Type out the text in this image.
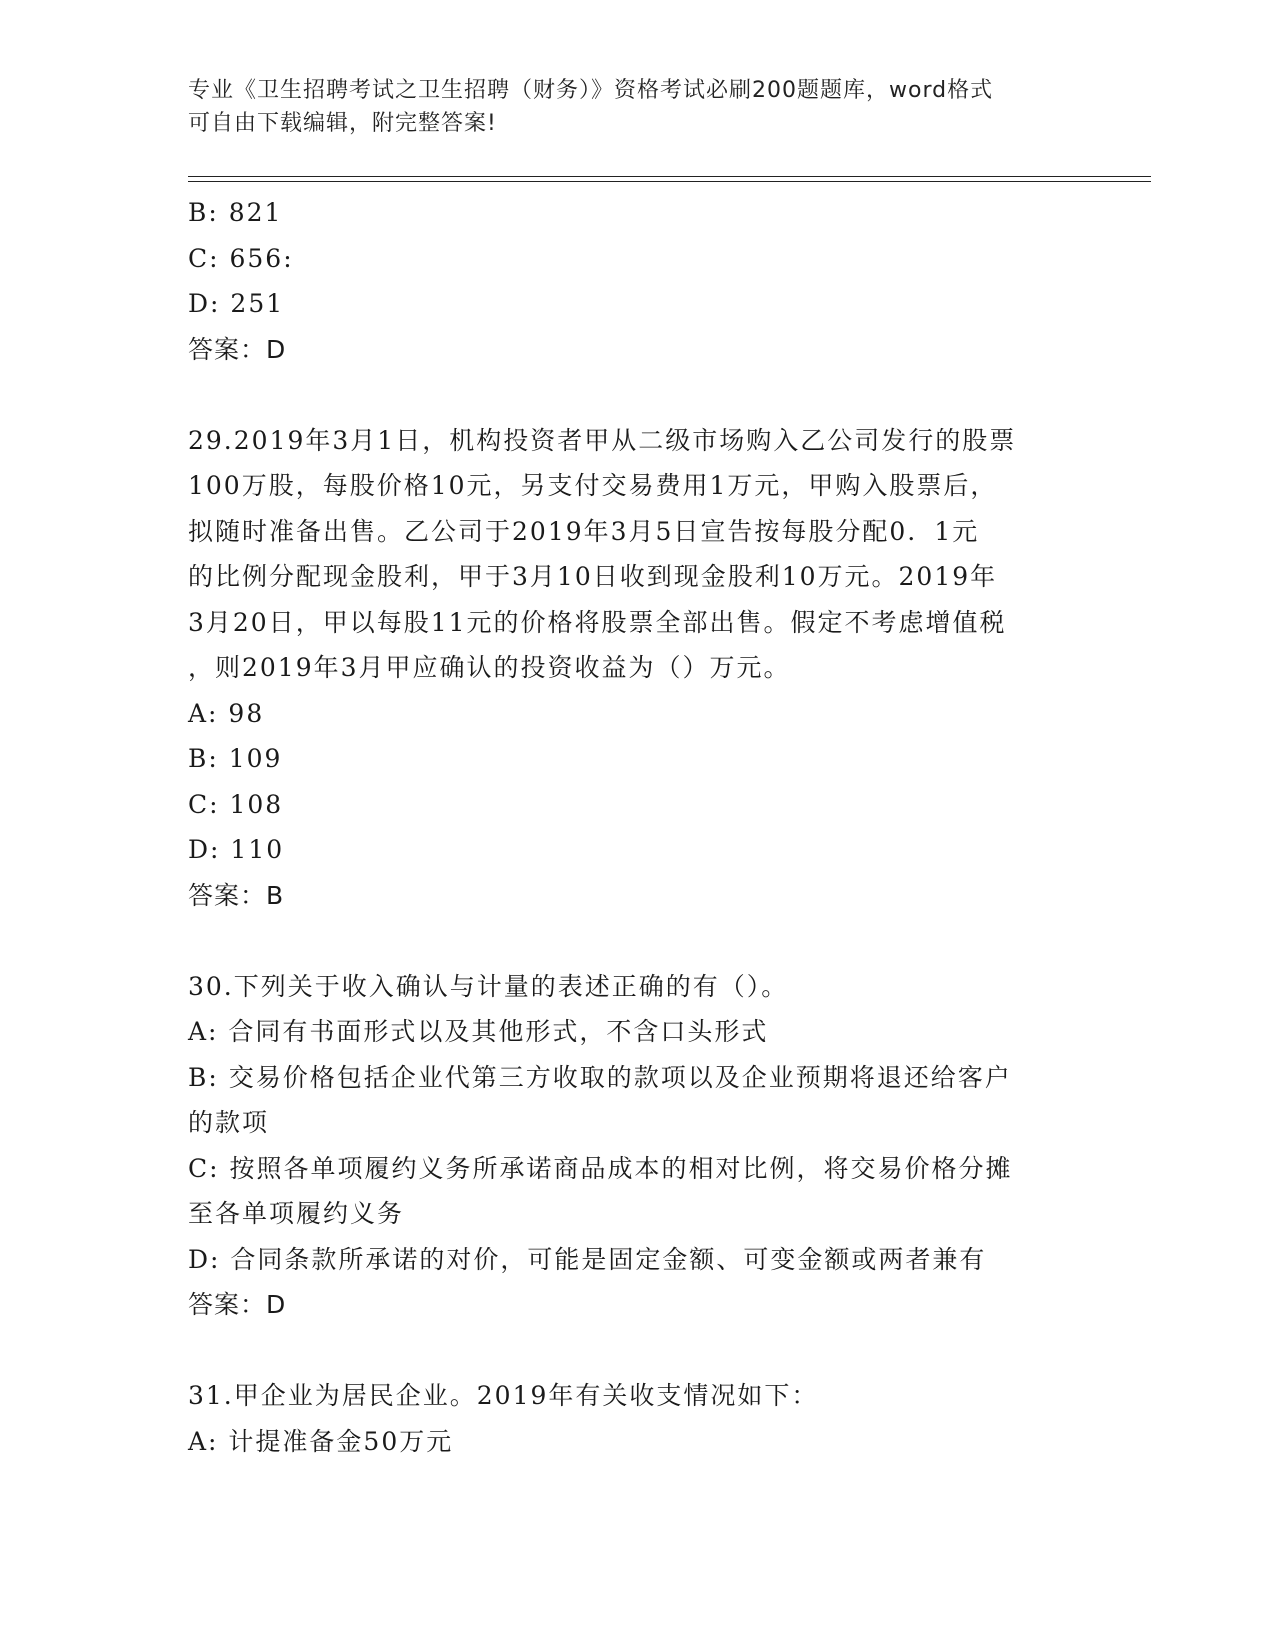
专业《卫生招聘考试之卫生招聘（财务）》资格考试必刷200题题库，word格式
可自由下载编辑，附完整答案!
B: 821
C: 656:
D: 251
答案：D
29.2019年3月1日，机构投资者甲从二级市场购入乙公司发行的股票
100万股，每股价格10元，另支付交易费用1万元，甲购入股票后，
拟随时准备出售。乙公司于2019年3月5日宣告按每股分配0．1元
的比例分配现金股利，甲于3月10日收到现金股利10万元。2019年
3月20日，甲以每股11元的价格将股票全部出售。假定不考虑增值税
，则2019年3月甲应确认的投资收益为（）万元。
A: 98
B: 109
C: 108
D: 110
答案：B
30.下列关于收入确认与计量的表述正确的有（）。
A: 合同有书面形式以及其他形式，不含口头形式
B: 交易价格包括企业代第三方收取的款项以及企业预期将退还给客户
的款项
C: 按照各单项履约义务所承诺商品成本的相对比例，将交易价格分摊
至各单项履约义务
D: 合同条款所承诺的对价，可能是固定金额、可变金额或两者兼有
答案：D
31.甲企业为居民企业。2019年有关收支情况如下：
A: 计提准备金50万元
